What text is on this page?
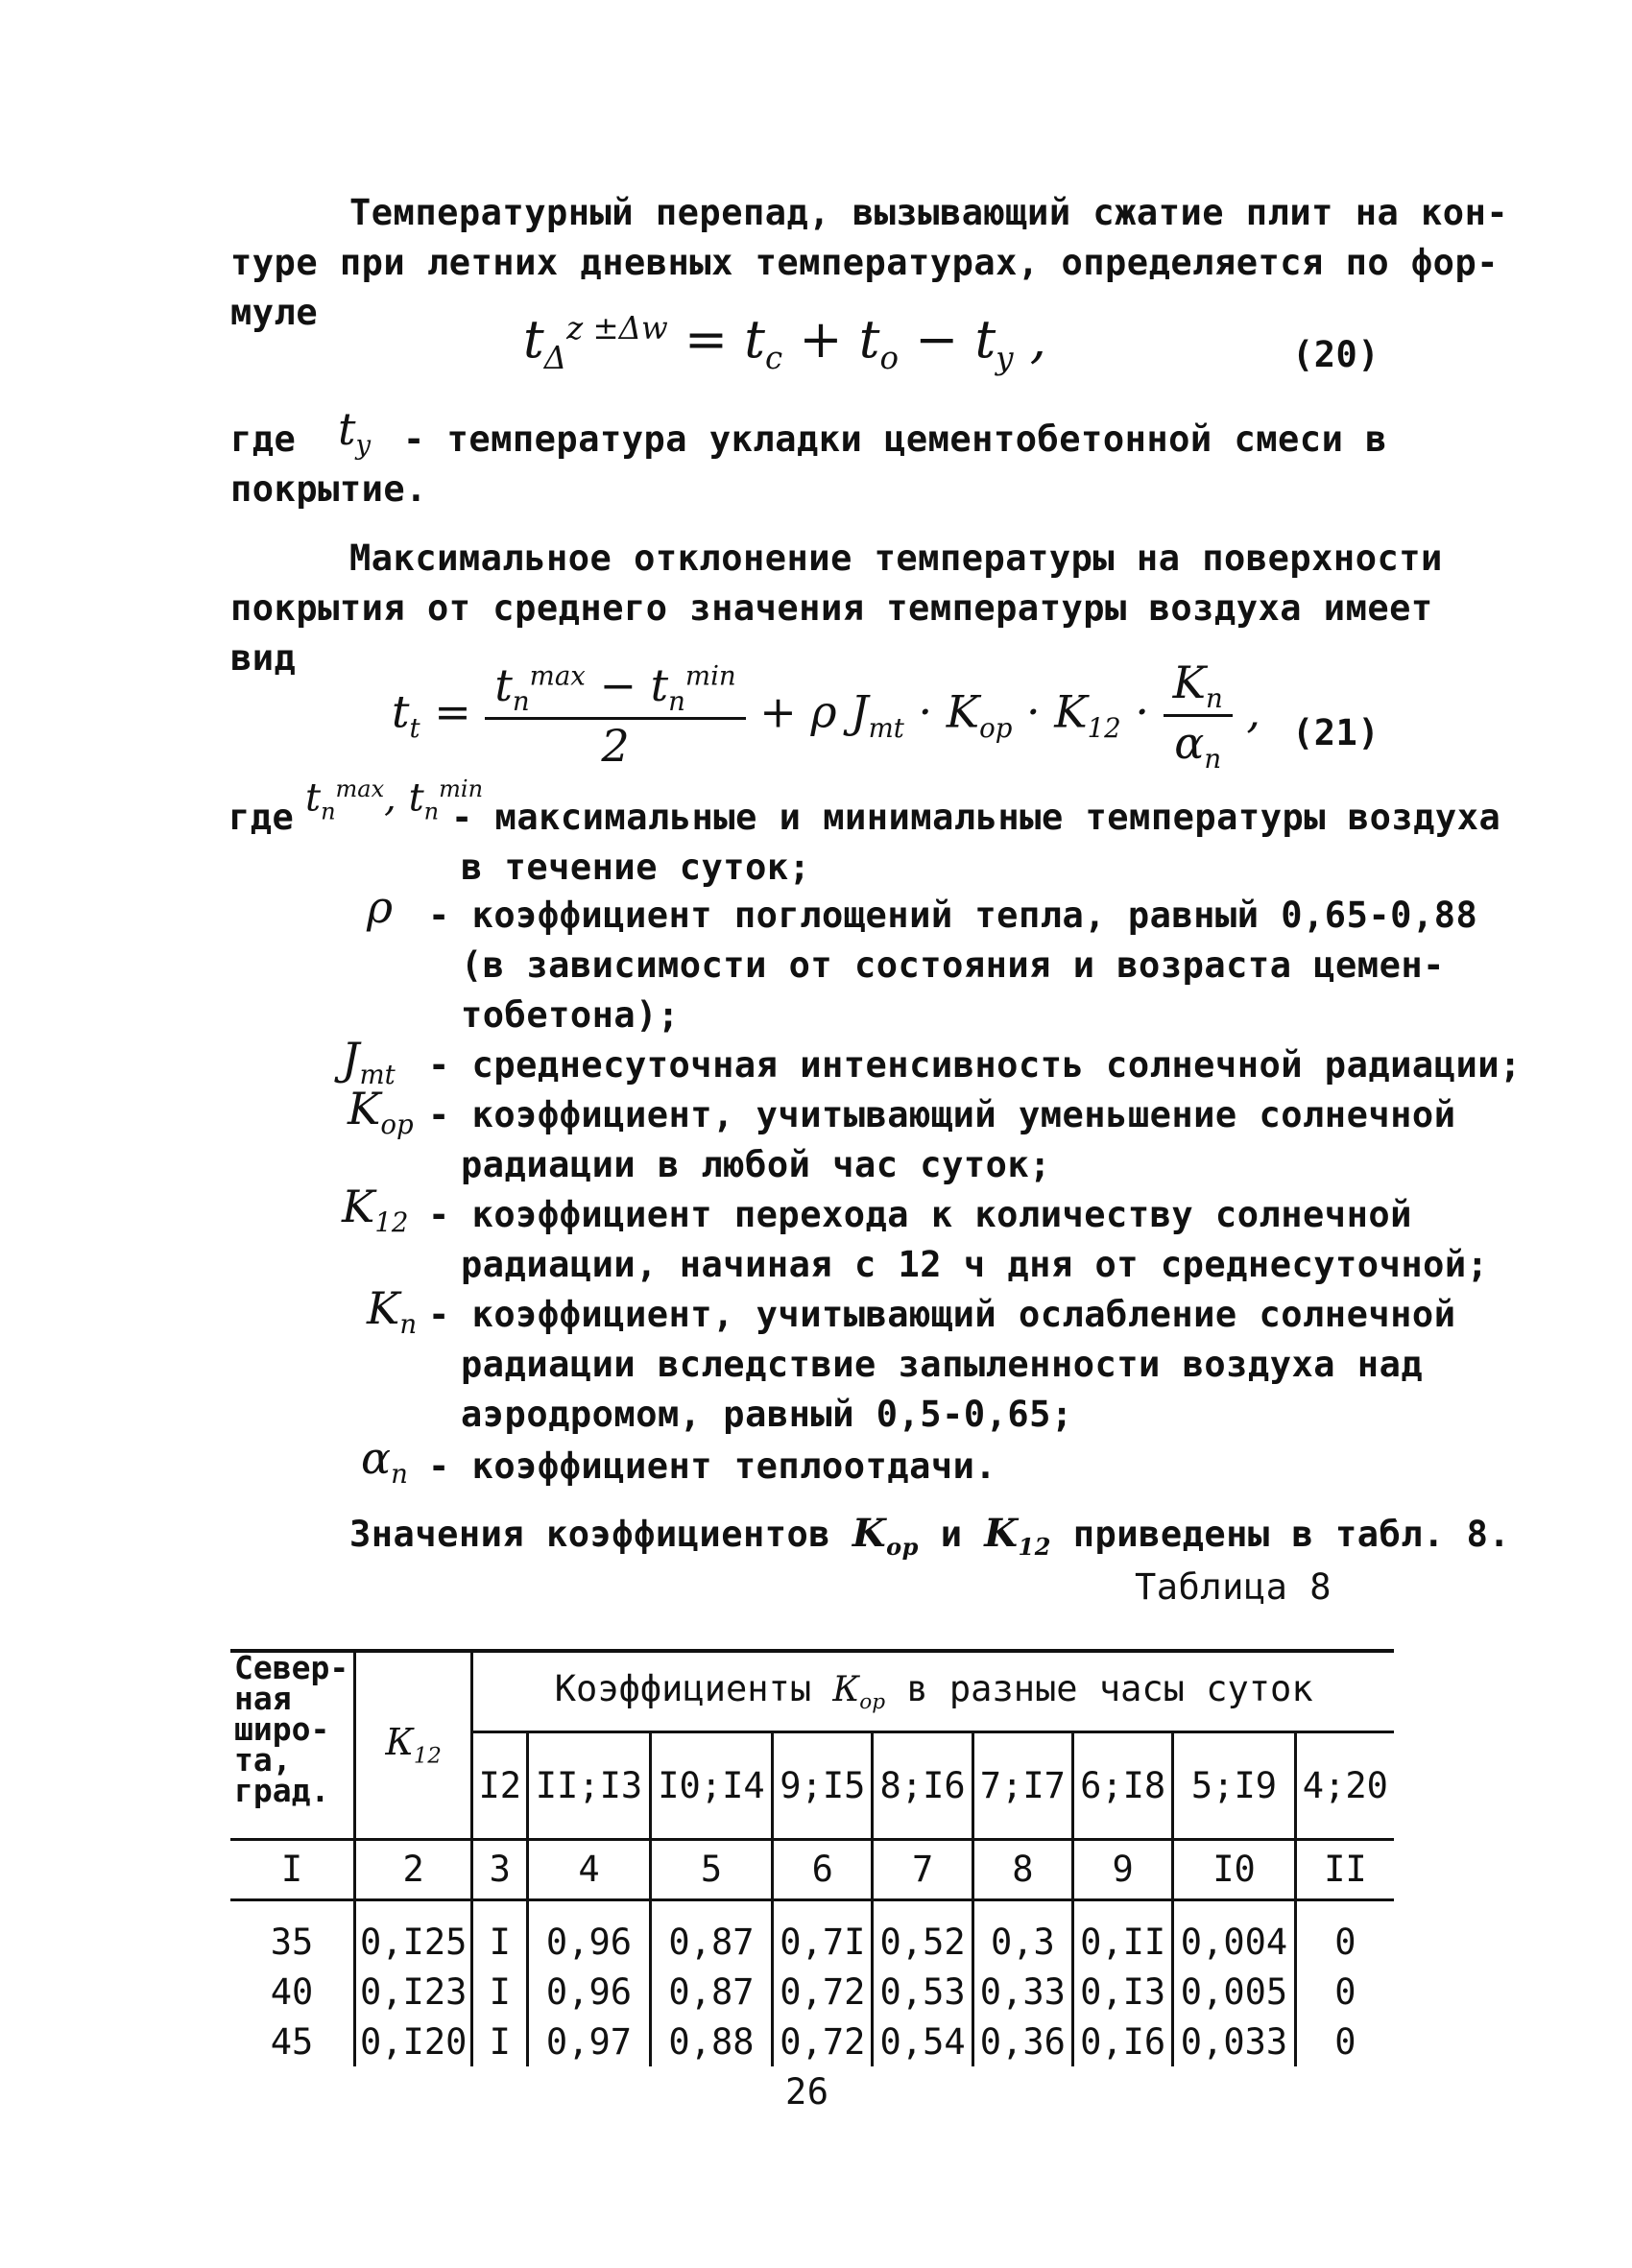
Температурный перепад, вызывающий сжатие плит на кон-
туре при летних дневных температурах, определяется по фор-
муле	$t_\Delta^{z \pm\Delta w} = t_c + t_o - t_y$ ,	(20)
где $t_y$ - температура укладки цементобетонной смеси в
покрытие.
Максимальное отклонение температуры на поверхности
покрытия от среднего значения температуры воздуха имеет
вид
$t_t = \frac{t_n^{max} - t_n^{min}}{2} + \rho$ $J_{mt} \cdot K_{op} \cdot K_{12} \cdot \frac{K_n}{\alpha_n}$ , (21)
где $t_n^{max}$, $t_n^{min}$
- максимальные и минимальные температуры воздуха
в течение суток;
ρ - коэффициент поглощений тепла, равный 0,65-0,88
(в зависимости от состояния и возраста цемен-
тобетона);
$J_{mt}$ - среднесуточная интенсивность солнечной радиации;
$K_{op}$ - коэффициент, учитывающий уменьшение солнечной
радиации в любой час суток;
$K_{12}$ - коэффициент перехода к количеству солнечной
радиации, начиная с 12 ч дня от среднесуточной;
$K_n$ - коэффициент, учитывающий ослабление солнечной
радиации вследствие запыленности воздуха над
аэродромом, равный 0,5-0,65;
$\alpha_n$ - коэффициент теплоотдачи.
Значения коэффициентов $K_{op}$ и $K_{12}$ приведены в табл. 8.
Таблица 8
Север-
ная
широ-
та,
град.	$К_{12}$	Коэффициенты $К_{ор}$ в разные часы суток								
		I2	II;I3	I0;I4	9;I5	8;I6	7;I7	6;I8	5;I9	4;20
I	2	3	4	5	6	7	8	9	I0	II

35	0,I25	I	0,96	0,87	0,7I	0,52	0,3	0,II	0,004	0
40	0,I23	I	0,96	0,87	0,72	0,53	0,33	0,I3	0,005	0
45	0,I20	I	0,97	0,88	0,72	0,54	0,36	0,I6	0,033	0
26
